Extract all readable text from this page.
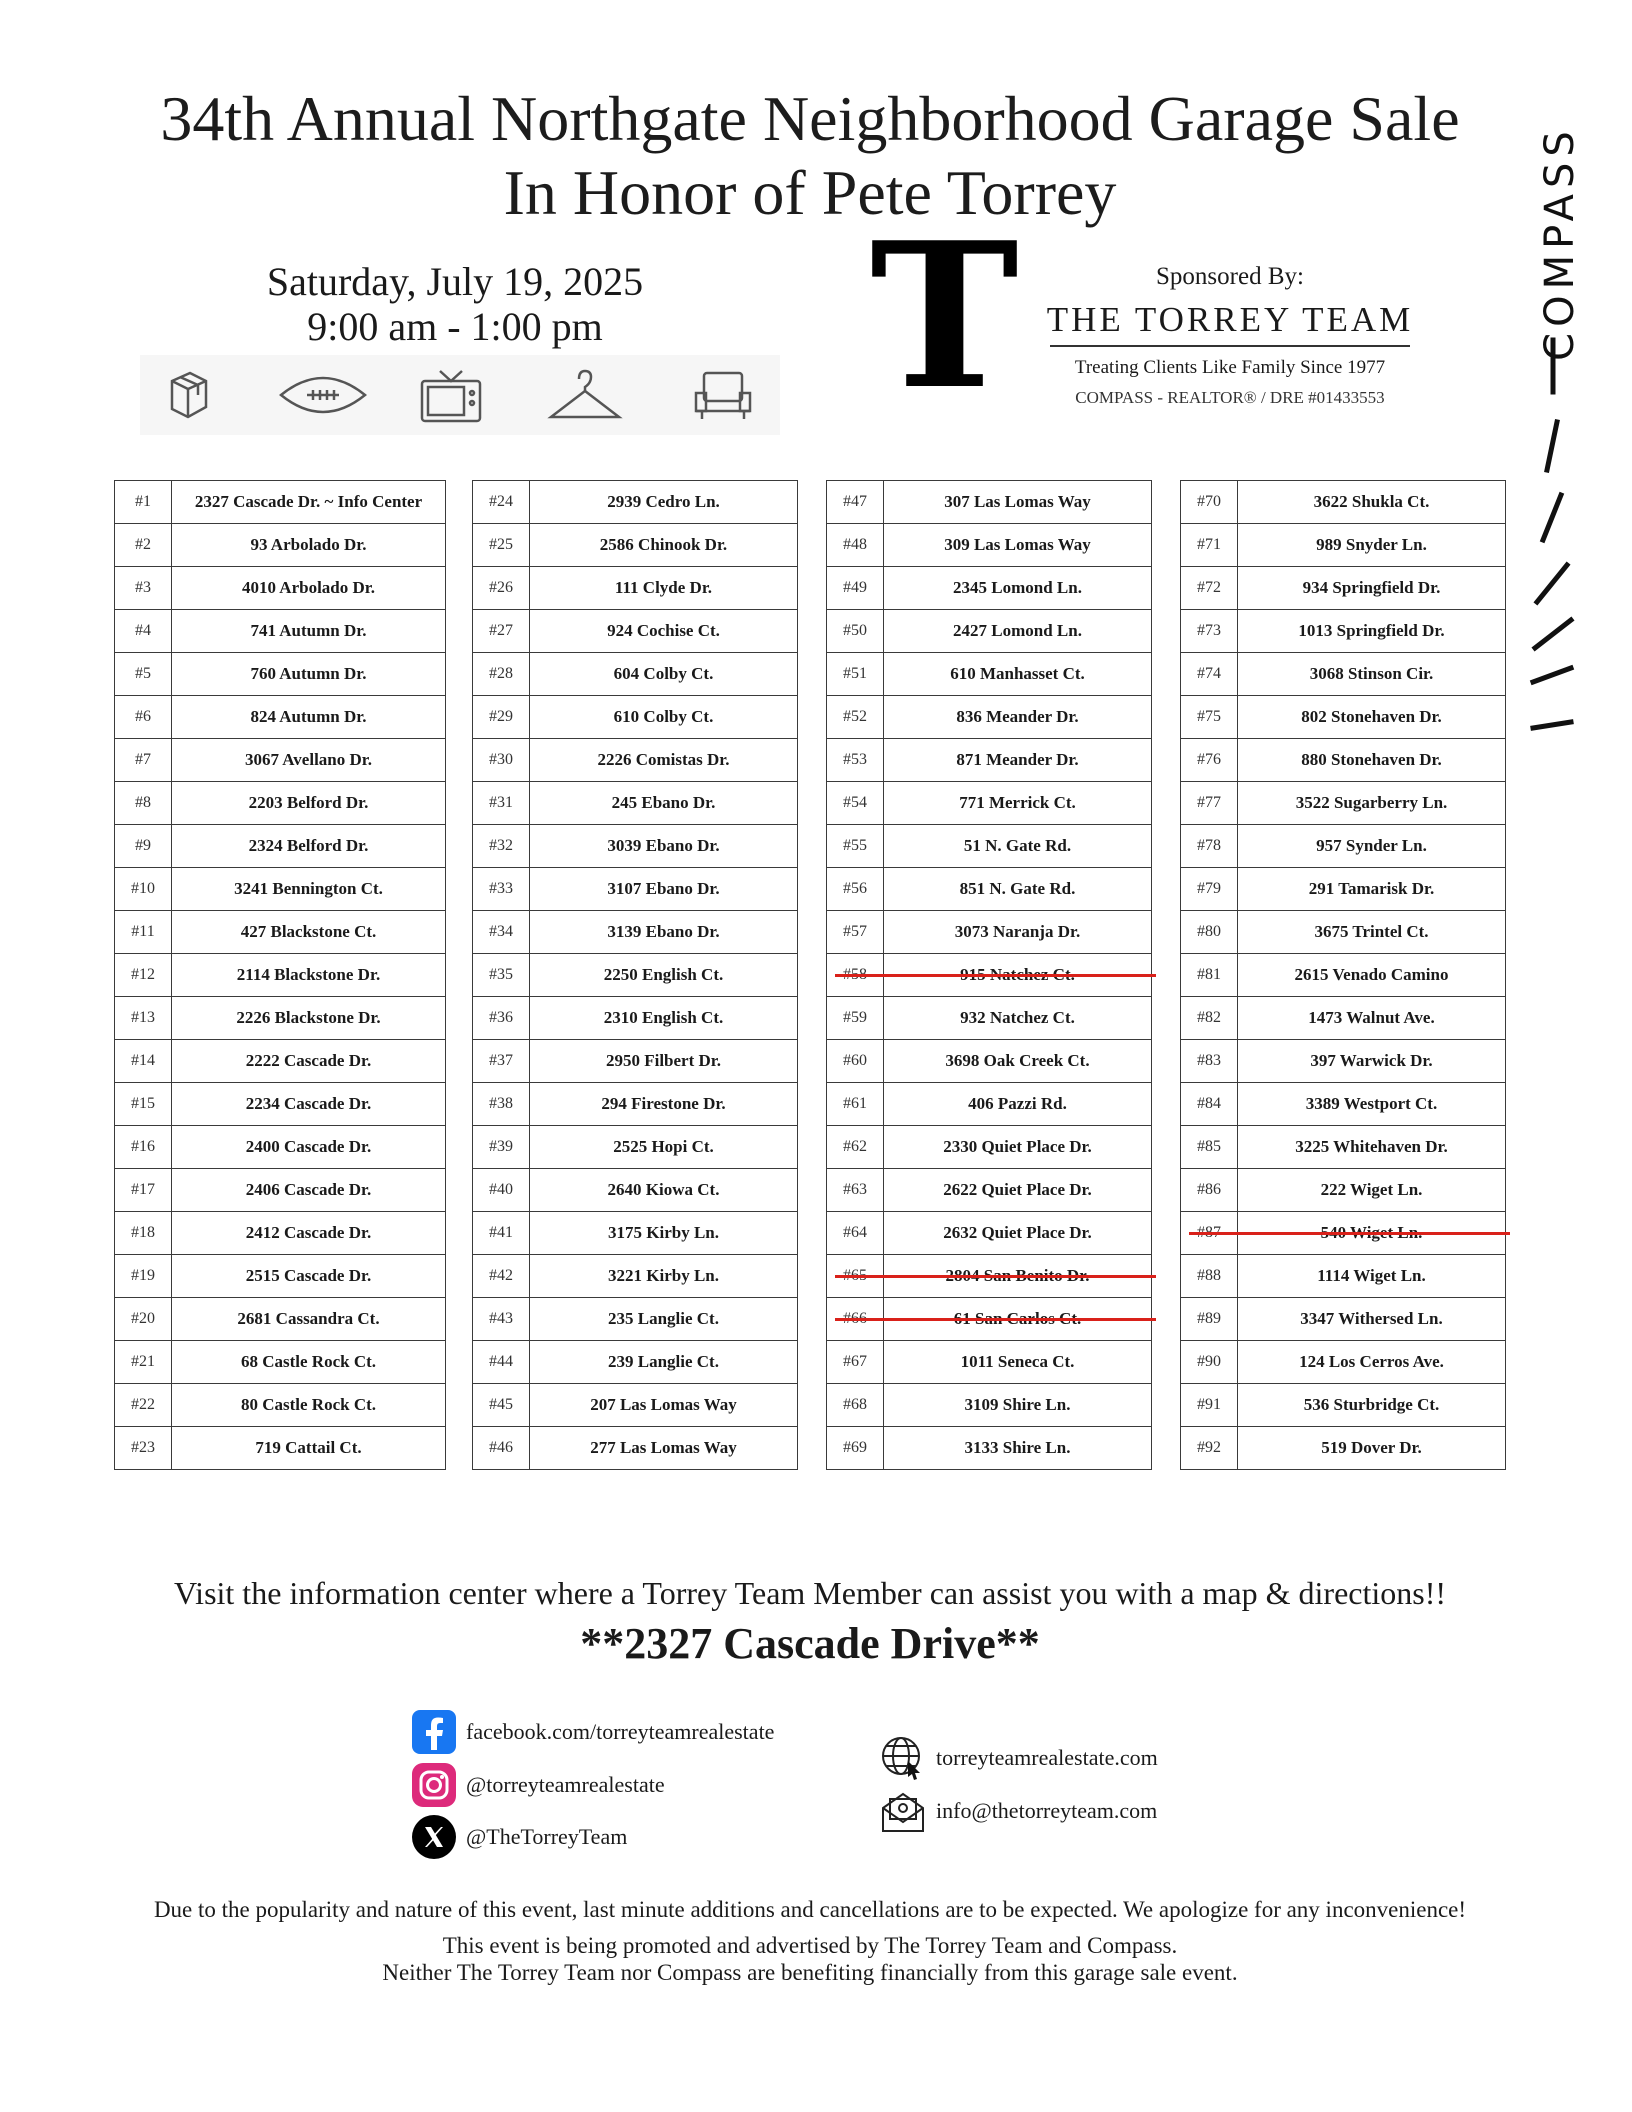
34th Annual Northgate Neighborhood Garage Sale
In Honor of Pete Torrey
Saturday, July 19, 2025
9:00 am - 1:00 pm	T	Sponsored By:
THE TORREY TEAM
Treating Clients Like Family Since 1977
COMPASS - REALTOR® / DRE #01433553
COMPASS
#1	2327 Cascade Dr. ~ Info Center
#2	93 Arbolado Dr.
#3	4010 Arbolado Dr.
#4	741 Autumn Dr.
#5	760 Autumn Dr.
#6	824 Autumn Dr.
#7	3067 Avellano Dr.
#8	2203 Belford Dr.
#9	2324 Belford Dr.
#10	3241 Bennington Ct.
#11	427 Blackstone Ct.
#12	2114 Blackstone Dr.
#13	2226 Blackstone Dr.
#14	2222 Cascade Dr.
#15	2234 Cascade Dr.
#16	2400 Cascade Dr.
#17	2406 Cascade Dr.
#18	2412 Cascade Dr.
#19	2515 Cascade Dr.
#20	2681 Cassandra Ct.
#21	68 Castle Rock Ct.
#22	80 Castle Rock Ct.
#23	719 Cattail Ct.
#24	2939 Cedro Ln.
#25	2586 Chinook Dr.
#26	111 Clyde Dr.
#27	924 Cochise Ct.
#28	604 Colby Ct.
#29	610 Colby Ct.
#30	2226 Comistas Dr.
#31	245 Ebano Dr.
#32	3039 Ebano Dr.
#33	3107 Ebano Dr.
#34	3139 Ebano Dr.
#35	2250 English Ct.
#36	2310 English Ct.
#37	2950 Filbert Dr.
#38	294 Firestone Dr.
#39	2525 Hopi Ct.
#40	2640 Kiowa Ct.
#41	3175 Kirby Ln.
#42	3221 Kirby Ln.
#43	235 Langlie Ct.
#44	239 Langlie Ct.
#45	207 Las Lomas Way
#46	277 Las Lomas Way
#47	307 Las Lomas Way
#48	309 Las Lomas Way
#49	2345 Lomond Ln.
#50	2427 Lomond Ln.
#51	610 Manhasset Ct.
#52	836 Meander Dr.
#53	871 Meander Dr.
#54	771 Merrick Ct.
#55	51 N. Gate Rd.
#56	851 N. Gate Rd.
#57	3073 Naranja Dr.

#59	932 Natchez Ct.
#60	3698 Oak Creek Ct.
#61	406 Pazzi Rd.
#62	2330 Quiet Place Dr.
#63	2622 Quiet Place Dr.
#64	2632 Quiet Place Dr.

#67	1011 Seneca Ct.
#68	3109 Shire Ln.
#69	3133 Shire Ln.
#70	3622 Shukla Ct.
#71	989 Snyder Ln.
#72	934 Springfield Dr.
#73	1013 Springfield Dr.
#74	3068 Stinson Cir.
#75	802 Stonehaven Dr.
#76	880 Stonehaven Dr.
#77	3522 Sugarberry Ln.
#78	957 Synder Ln.
#79	291 Tamarisk Dr.
#80	3675 Trintel Ct.
#81	2615 Venado Camino
#82	1473 Walnut Ave.
#83	397 Warwick Dr.
#84	3389 Westport Ct.
#85	3225 Whitehaven Dr.
#86	222 Wiget Ln.

#88	1114 Wiget Ln.
#89	3347 Withersed Ln.
#90	124 Los Cerros Ave.
#91	536 Sturbridge Ct.
#92	519 Dover Dr.
Visit the information center where a Torrey Team Member can assist you with a map & directions!!
**2327 Cascade Drive**
facebook.com/torreyteamrealestate
@torreyteamrealestate
@TheTorreyTeam
torreyteamrealestate.com
info@thetorreyteam.com
Due to the popularity and nature of this event, last minute additions and cancellations are to be expected. We apologize for any inconvenience!
This event is being promoted and advertised by The Torrey Team and Compass.
Neither The Torrey Team nor Compass are benefiting financially from this garage sale event.
